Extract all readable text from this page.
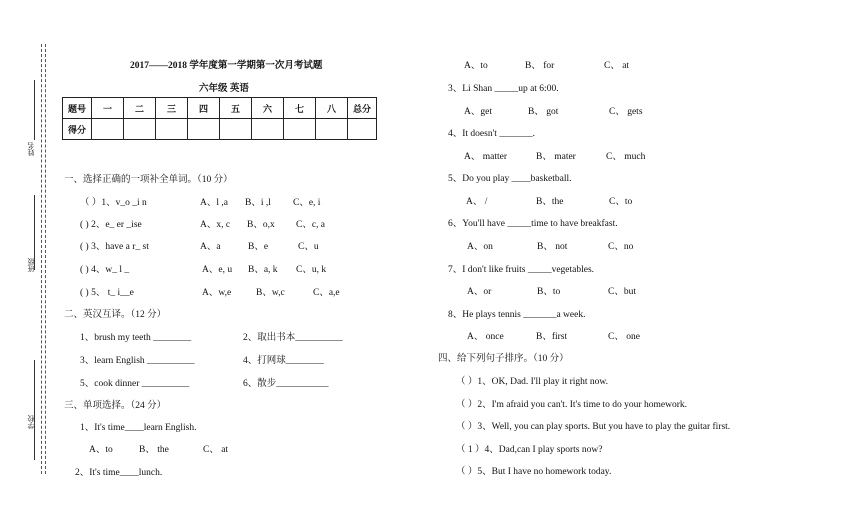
姓名
班级
学校
2017——2018 学年度第一学期第一次月考试题
六年级 英语
题号	一	二	三	四	五	六	七	八	总分
得分									
一、选择正确的一项补全单词。（10 分）
（ ）1、v_o _i n	A、l ,a B、i ,l C、e, i
( ) 2、e_ er _ise	A、x, c B、o,x C、c, a
( ) 3、have a r_ st	A、a	B、e	C、u
( ) 4、w_ l _	A、e, u B、a, k C、u, k
( ) 5、 t_ i__e	A、w,e	B、w,c	C、a,e
二、英汉互译。（12 分）
1、brush my teeth ________	2、取出书本__________
3、learn English __________	4、打网球________
5、cook dinner __________	6、散步___________
三、单项选择。（24 分）
1、It's time____learn English.
A、to	B、 the	C、 at
2、It's time____lunch.
A、to	B、 for	C、 at
3、Li Shan _____up at 6:00.
A、get	B、 got	C、 gets
4、It doesn't _______.
A、 matter	B、 mater	C、 much
5、Do you play ____basketball.
A、 /	B、the	C、to
6、You'll have _____time to have breakfast.
A、on	B、 not	C、no
7、I don't like fruits _____vegetables.
A、or	B、to	C、but
8、He plays tennis _______a week.
A、 once	B、first	C、 one
四、给下列句子排序。（10 分）
（ ）1、OK, Dad. I'll play it right now.
（ ）2、I'm afraid you can't. It's time to do your homework.
（ ）3、Well, you can play sports. But you have to play the guitar first.
（ 1 ）4、Dad,can I play sports now?
（ ）5、But I have no homework today.
